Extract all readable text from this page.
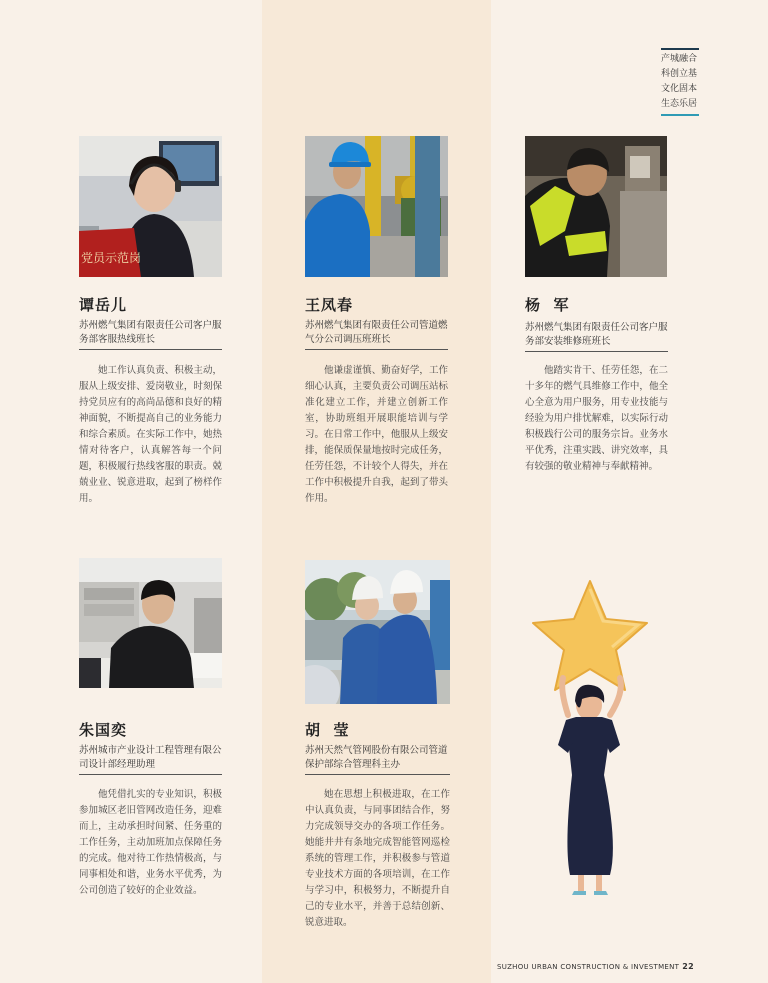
产城融合
科创立基
文化固本
生态乐居
党员示范岗
谭岳儿
苏州燃气集团有限责任公司客户服务部客服热线班长
她工作认真负责、积极主动，服从上级安排、爱岗敬业，时刻保持党员应有的高尚品德和良好的精神面貌，不断提高自己的业务能力和综合素质。在实际工作中，她热情对待客户，认真解答每一个问题，积极履行热线客服的职责。兢兢业业、锐意进取，起到了榜样作用。
王凤春
苏州燃气集团有限责任公司管道燃气分公司调压班班长
他谦虚谨慎、勤奋好学，工作细心认真，主要负责公司调压站标准化建立工作，并建立创新工作室，协助班组开展职能培训与学习。在日常工作中，他服从上级安排，能保质保量地按时完成任务，任劳任怨，不计较个人得失，并在工作中积极提升自我，起到了带头作用。
杨  军
苏州燃气集团有限责任公司客户服务部安装维修班班长
他踏实肯干、任劳任怨，在二十多年的燃气具维修工作中，他全心全意为用户服务，用专业技能与经验为用户排忧解难，以实际行动积极践行公司的服务宗旨。业务水平优秀，注重实践、讲究效率，具有较强的敬业精神与奉献精神。
朱国奕
苏州城市产业设计工程管理有限公司设计部经理助理
他凭借扎实的专业知识，积极参加城区老旧管网改造任务，迎难而上，主动承担时间紧、任务重的工作任务，主动加班加点保障任务的完成。他对待工作热情极高，与同事相处和谐，业务水平优秀，为公司创造了较好的企业效益。
胡  莹
苏州天然气管网股份有限公司管道保护部综合管理科主办
她在思想上积极进取，在工作中认真负责，与同事团结合作，努力完成领导交办的各项工作任务。她能井井有条地完成智能管网巡检系统的管理工作，并积极参与管道专业技术方面的各项培训，在工作与学习中，积极努力，不断提升自己的专业水平，并善于总结创新、锐意进取。
SUZHOU URBAN CONSTRUCTION & INVESTMENT 22
